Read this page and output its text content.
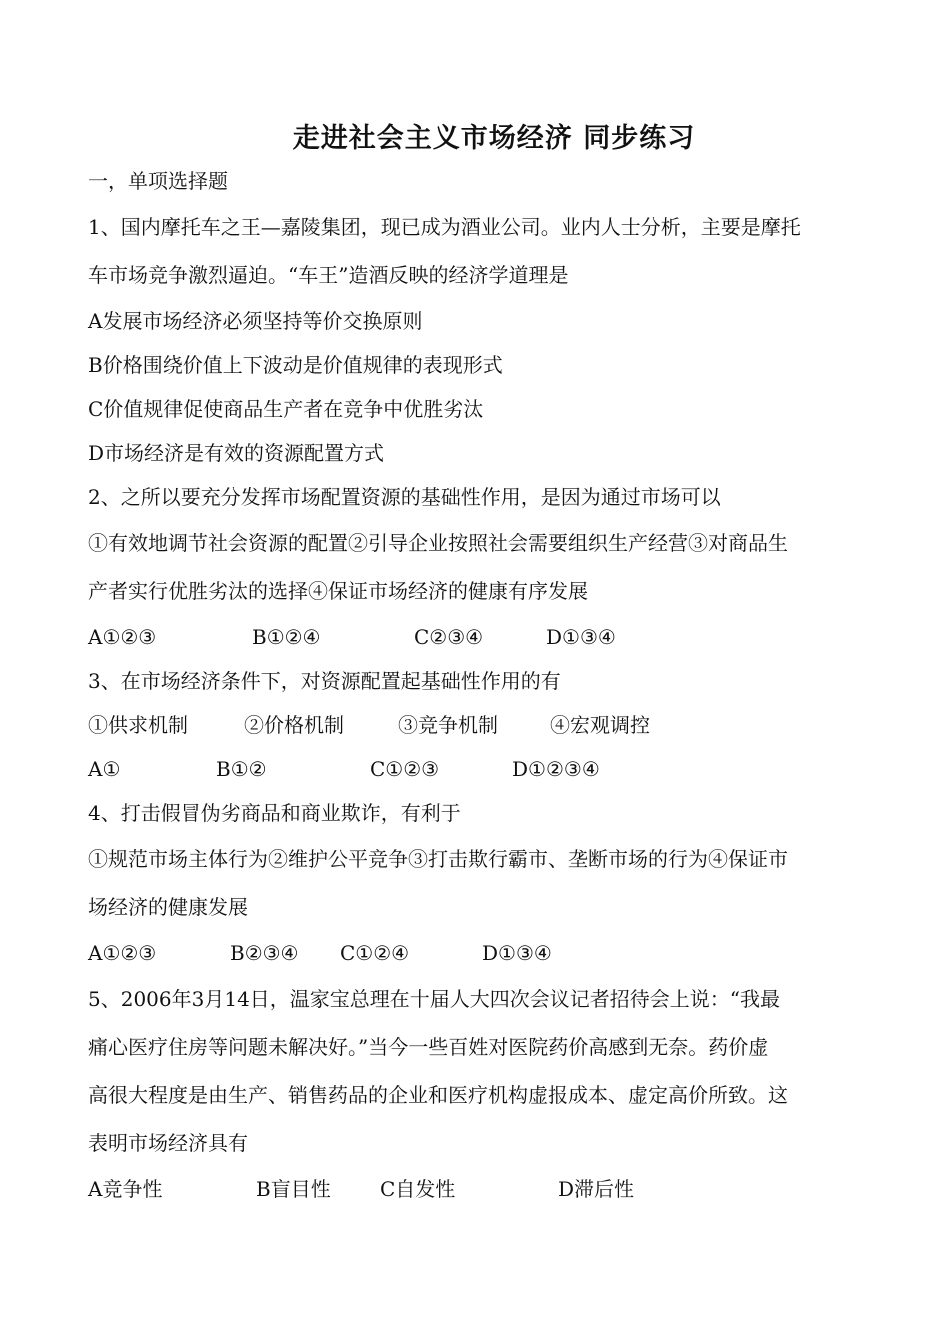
走进社会主义市场经济 同步练习
一，单项选择题
1、国内摩托车之王—嘉陵集团，现已成为酒业公司。业内人士分析，主要是摩托
车市场竞争激烈逼迫。“车王”造酒反映的经济学道理是
A发展市场经济必须坚持等价交换原则
B价格围绕价值上下波动是价值规律的表现形式
C价值规律促使商品生产者在竞争中优胜劣汰
D市场经济是有效的资源配置方式
2、之所以要充分发挥市场配置资源的基础性作用，是因为通过市场可以
①有效地调节社会资源的配置②引导企业按照社会需要组织生产经营③对商品生
产者实行优胜劣汰的选择④保证市场经济的健康有序发展
A①②③	B①②④	C②③④	D①③④
3、在市场经济条件下，对资源配置起基础性作用的有
①供求机制	②价格机制	③竞争机制	④宏观调控
A①	B①②	C①②③	D①②③④
4、打击假冒伪劣商品和商业欺诈，有利于
①规范市场主体行为②维护公平竞争③打击欺行霸市、垄断市场的行为④保证市
场经济的健康发展
A①②③	B②③④	C①②④	D①③④
5、2006年3月14日，温家宝总理在十届人大四次会议记者招待会上说：“我最
痛心医疗住房等问题未解决好。”当今一些百姓对医院药价高感到无奈。药价虚
高很大程度是由生产、销售药品的企业和医疗机构虚报成本、虚定高价所致。这
表明市场经济具有
A竞争性	B盲目性	C自发性	D滞后性
